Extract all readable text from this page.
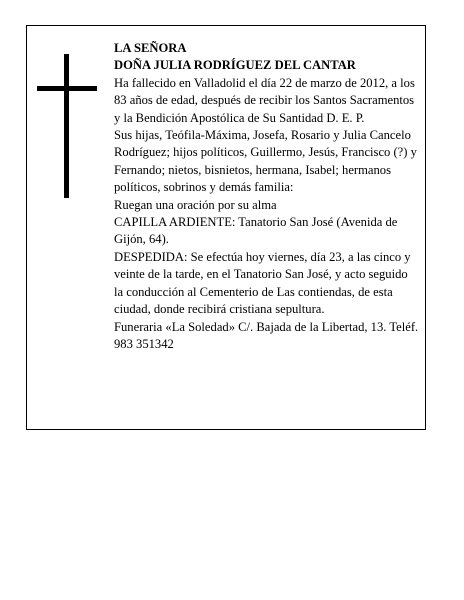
LA SEÑORA

DOÑA JULIA RODRÍGUEZ DEL CANTAR

Ha fallecido en Valladolid el día 22 de marzo de 2012, a los 83 años de edad, después de recibir los Santos Sacramentos y la Bendición Apostólica de Su Santidad D. E. P.

Sus hijas, Teófila-Máxima, Josefa, Rosario y Julia Cancelo Rodríguez; hijos políticos, Guillermo, Jesús, Francisco (?) y Fernando; nietos, bisnietos, hermana, Isabel; hermanos políticos, sobrinos y demás familia:

Ruegan una oración por su alma

CAPILLA ARDIENTE: Tanatorio San José (Avenida de Gijón, 64).

DESPEDIDA: Se efectúa hoy viernes, día 23, a las cinco y veinte de la tarde, en el Tanatorio San José, y acto seguido la conducción al Cementerio de Las contiendas, de esta ciudad, donde recibirá cristiana sepultura.

Funeraria «La Soledad» C/. Bajada de la Libertad, 13. Teléf. 983 351342
